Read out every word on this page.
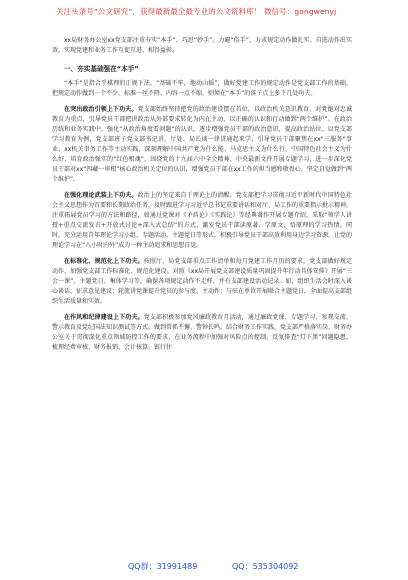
关注头条号“公文研究”，获得最新最全最专业的公文资料库！ 微信号：gongwenyj

xx局财务办公室xx党支部注重夯实“本手”、巧思“妙手”、力避“俗手”，力求规定动作做扎实、自选动作出实效，实现党建和业务工作互促互进、相得益彰。

一、夯实基础强在“本手”

“本手”是指合乎棋理的正规下法。“基础不牢，地动山摇”，做好党建工作的规定动作是党支部工作的基础，把规定动作做到一个不少，标准一丝不降、内容一点不缩，则须在“本手”的落子点上多下几处功夫。

在突出政治引领上下功夫。党支部始终坚持把党的政治建设摆在首位，以政治机关意识教育，对党绝对忠诚教育为重点，引导党员干部把讲政治从外部要求转化为内在主动，以正确的认识和行动做到“两个维护”。在政治历练和业务实践中，强化“从政治角度看问题”的认识，逐步增强党员干部的政治意识，提高政治站位。以党支部学习教育为例，党支部班子党支部书记讲，厅处、局长谈一律贯通起来学，引导党员干部聚焦在xx“三服务”事业、xx机关事务工作等主动实践，深刻理解中国共产党为什么能、马克思主义为什么行、中国特色社会主义为什么好，培育政治强实的“红色根魂”。围绕党的十九届六中全会精神、中央最新文件开展专题学习，进一步深化党员干部对xx“四藏一串根”核心政治机关定位的认识，增强党员干部在xx工作的担当感和敬畏心，坚定自觉做到“两个维护”。

在强化理论武装上下功夫。政治上的坚定来自于理论上的清醒。党支部把学习贯彻习近平新时代中国特色社会主义思想作为首要和长期政治任务，及时跟进学习习近平总书记重要讲话和对厅、局工作的重要指示批示精神。注重拓展党员学习的方法和路径，如通过党课对《矛盾论》《实践论》等经典著作开展专题介绍，采取“领学人讲授+重点交流发言+开放式讨论+深入式总结”的方式，激发党员干部读原著、学原文、悟原理的学习热情。同时，充分运用青年理论学习小组、专题活动、主题党日等形式，积极引导党员干部高效利用身边学习资源，让党的理论学习在“八小时内外”成为一种主动追求和思想自觉。

在标准化、规范化上下功夫。按照厅、局党支部重点工作清单和每月党建工作月历的要求，党支部做好规定动作，加强党支部工作标准化、规范化建设。对照《xx局开展党支部建设质量巩固提升年行动具体安排》开展“三会一课”、主题党日、集体学习等，确保各项规定动作不走样，并有支部建设活动记录。如，组织生活会时深入谈心谈话、征求意见建议；轮流讲党课提升党员的参与度，主动性；与驻在单位开展联合主题党日，全面提高支部组织生活质量和实效。

在作风和纪律建设上下功夫。党支部积极参加党风廉政教育月活动，通过廉政党课、专题学习、参观交流、警示教育及党纪国法知识测试等方式，做到常抓不懈、警钟长鸣。结合财务工作实践，党支部严格落实岗、财务办公室关于贯彻深化重点领域防控工作的要求，在业务流程中加强对风险点的控制，反复排查“灯下黑”问题隐患，梳理经费审核、财务报销、会计核算，银行往

QQ群：31991489	QQ：535304092
